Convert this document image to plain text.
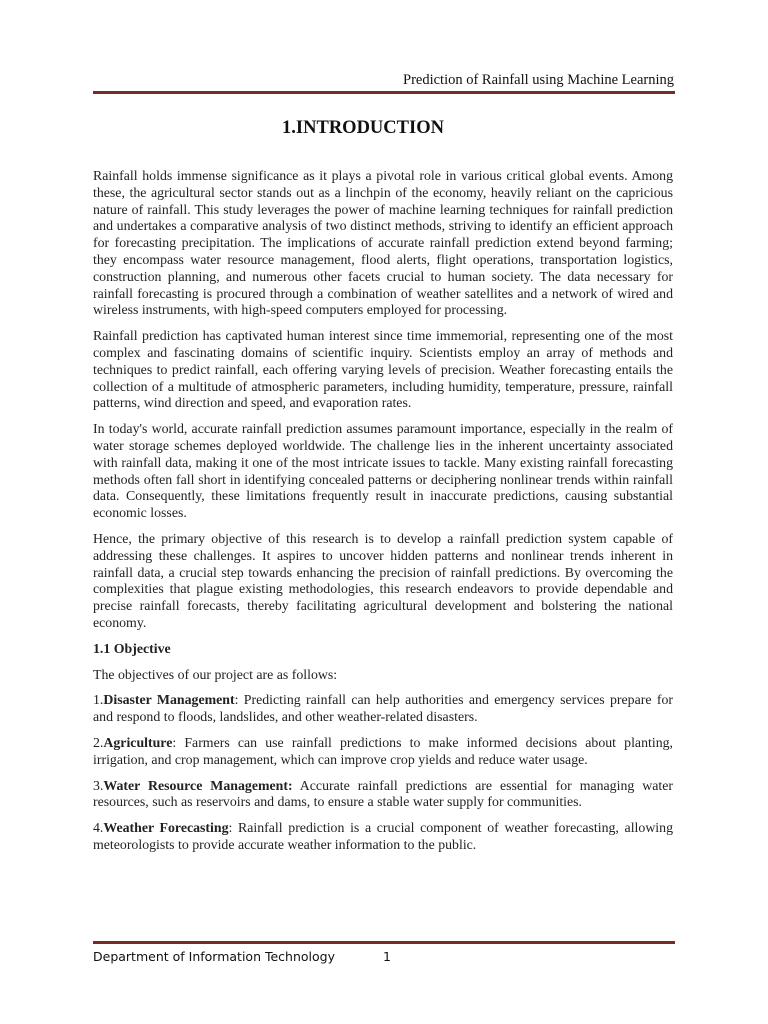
Prediction of Rainfall using Machine Learning
1.INTRODUCTION

Rainfall holds immense significance as it plays a pivotal role in various critical global events. Among these, the agricultural sector stands out as a linchpin of the economy, heavily reliant on the capricious nature of rainfall. This study leverages the power of machine learning techniques for rainfall prediction and undertakes a comparative analysis of two distinct methods, striving to identify an efficient approach for forecasting precipitation. The implications of accurate rainfall prediction extend beyond farming; they encompass water resource management, flood alerts, flight operations, transportation logistics, construction planning, and numerous other facets crucial to human society. The data necessary for rainfall forecasting is procured through a combination of weather satellites and a network of wired and wireless instruments, with high-speed computers employed for processing.

Rainfall prediction has captivated human interest since time immemorial, representing one of the most complex and fascinating domains of scientific inquiry. Scientists employ an array of methods and techniques to predict rainfall, each offering varying levels of precision. Weather forecasting entails the collection of a multitude of atmospheric parameters, including humidity, temperature, pressure, rainfall patterns, wind direction and speed, and evaporation rates.

In today's world, accurate rainfall prediction assumes paramount importance, especially in the realm of water storage schemes deployed worldwide. The challenge lies in the inherent uncertainty associated with rainfall data, making it one of the most intricate issues to tackle. Many existing rainfall forecasting methods often fall short in identifying concealed patterns or deciphering nonlinear trends within rainfall data. Consequently, these limitations frequently result in inaccurate predictions, causing substantial economic losses.

Hence, the primary objective of this research is to develop a rainfall prediction system capable of addressing these challenges. It aspires to uncover hidden patterns and nonlinear trends inherent in rainfall data, a crucial step towards enhancing the precision of rainfall predictions. By overcoming the complexities that plague existing methodologies, this research endeavors to provide dependable and precise rainfall forecasts, thereby facilitating agricultural development and bolstering the national economy.

1.1 Objective

The objectives of our project are as follows:

1.Disaster Management: Predicting rainfall can help authorities and emergency services prepare for and respond to floods, landslides, and other weather-related disasters.

2.Agriculture: Farmers can use rainfall predictions to make informed decisions about planting, irrigation, and crop management, which can improve crop yields and reduce water usage.

3.Water Resource Management: Accurate rainfall predictions are essential for managing water resources, such as reservoirs and dams, to ensure a stable water supply for communities.

4.Weather Forecasting: Rainfall prediction is a crucial component of weather forecasting, allowing meteorologists to provide accurate weather information to the public.

Department of Information Technology	1
